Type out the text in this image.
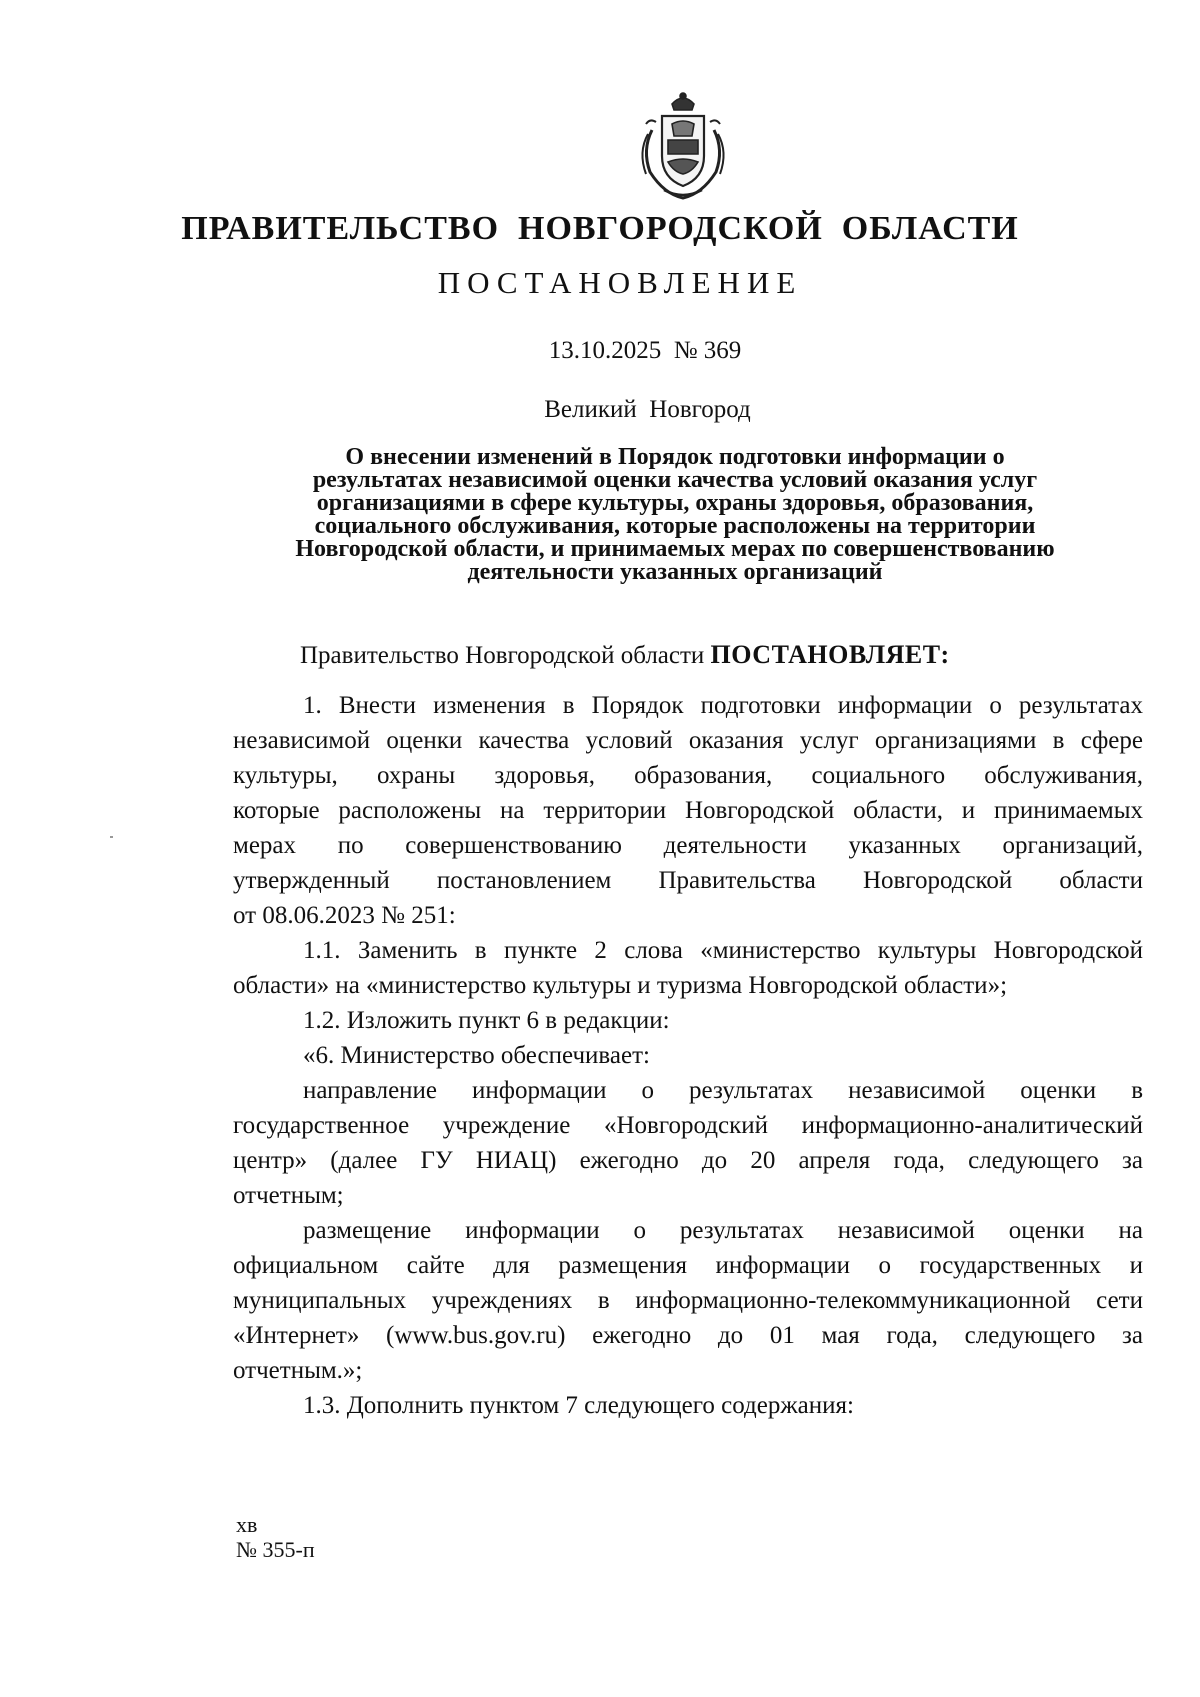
ПРАВИТЕЛЬСТВО  НОВГОРОДСКОЙ  ОБЛАСТИ
ПОСТАНОВЛЕНИЕ
13.10.2025  № 369
Великий  Новгород
О внесении изменений в Порядок подготовки информации о
результатах независимой оценки качества условий оказания услуг
организациями в сфере культуры, охраны здоровья, образования,
социального обслуживания, которые расположены на территории
Новгородской области, и принимаемых мерах по совершенствованию
деятельности указанных организаций
Правительство Новгородской области ПОСТАНОВЛЯЕТ:
1. Внести изменения в Порядок подготовки информации о результатах
независимой оценки качества условий оказания услуг организациями в сфере
культуры, охраны здоровья, образования, социального обслуживания,
которые расположены на территории Новгородской области, и принимаемых
мерах по совершенствованию деятельности указанных организаций,
утвержденный постановлением Правительства Новгородской области
от 08.06.2023 № 251:
1.1. Заменить в пункте 2 слова «министерство культуры Новгородской
области» на «министерство культуры и туризма Новгородской области»;
1.2. Изложить пункт 6 в редакции:
«6. Министерство обеспечивает:
направление информации о результатах независимой оценки в
государственное учреждение «Новгородский информационно-аналитический
центр» (далее ГУ НИАЦ) ежегодно до 20 апреля года, следующего за
отчетным;
размещение информации о результатах независимой оценки на
официальном сайте для размещения информации о государственных и
муниципальных учреждениях в информационно-телекоммуникационной сети
«Интернет» (www.bus.gov.ru) ежегодно до 01 мая года, следующего за
отчетным.»;
1.3. Дополнить пунктом 7 следующего содержания:
хв
№ 355-п
